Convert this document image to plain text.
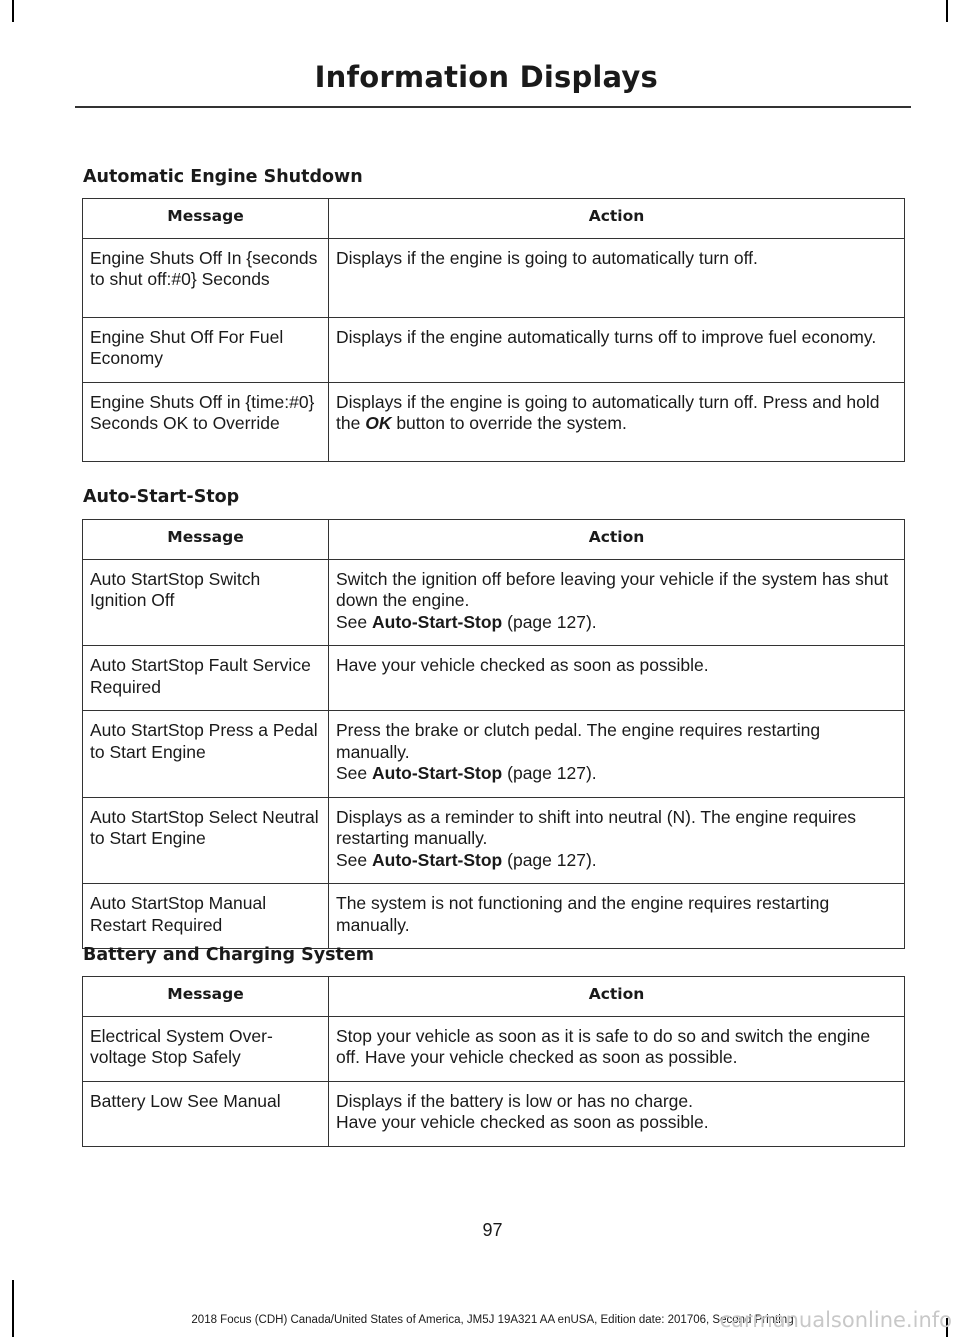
Information Displays
Automatic Engine Shutdown
Message	Action
Engine Shuts Off In {seconds to shut off:#0} Seconds	Displays if the engine is going to automatically turn off.
Engine Shut Off For Fuel Economy	Displays if the engine automatically turns off to improve fuel economy.
Engine Shuts Off in {time:#0} Seconds OK to Override	Displays if the engine is going to automatically turn off. Press and hold the OK button to override the system.
Auto-Start-Stop
Message	Action
Auto StartStop Switch Ignition Off	Switch the ignition off before leaving your vehicle if the system has shut down the engine.
See Auto-Start-Stop (page 127).

Auto StartStop Fault Service Required	Have your vehicle checked as soon as possible.
Auto StartStop Press a Pedal to Start Engine	Press the brake or clutch pedal. The engine requires restarting manually.
See Auto-Start-Stop (page 127).

Auto StartStop Select Neutral to Start Engine	Displays as a reminder to shift into neutral (N). The engine requires restarting manually.
See Auto-Start-Stop (page 127).

Auto StartStop Manual Restart Required	The system is not functioning and the engine requires restarting manually.
Battery and Charging System
Message	Action
Electrical System Over-voltage Stop Safely	Stop your vehicle as soon as it is safe to do so and switch the engine off. Have your vehicle checked as soon as possible.
Battery Low See Manual	Displays if the battery is low or has no charge.
Have your vehicle checked as soon as possible.
97
2018 Focus (CDH) Canada/United States of America, JM5J 19A321 AA enUSA, Edition date: 201706, Second Printing
carmanualsonline.info
